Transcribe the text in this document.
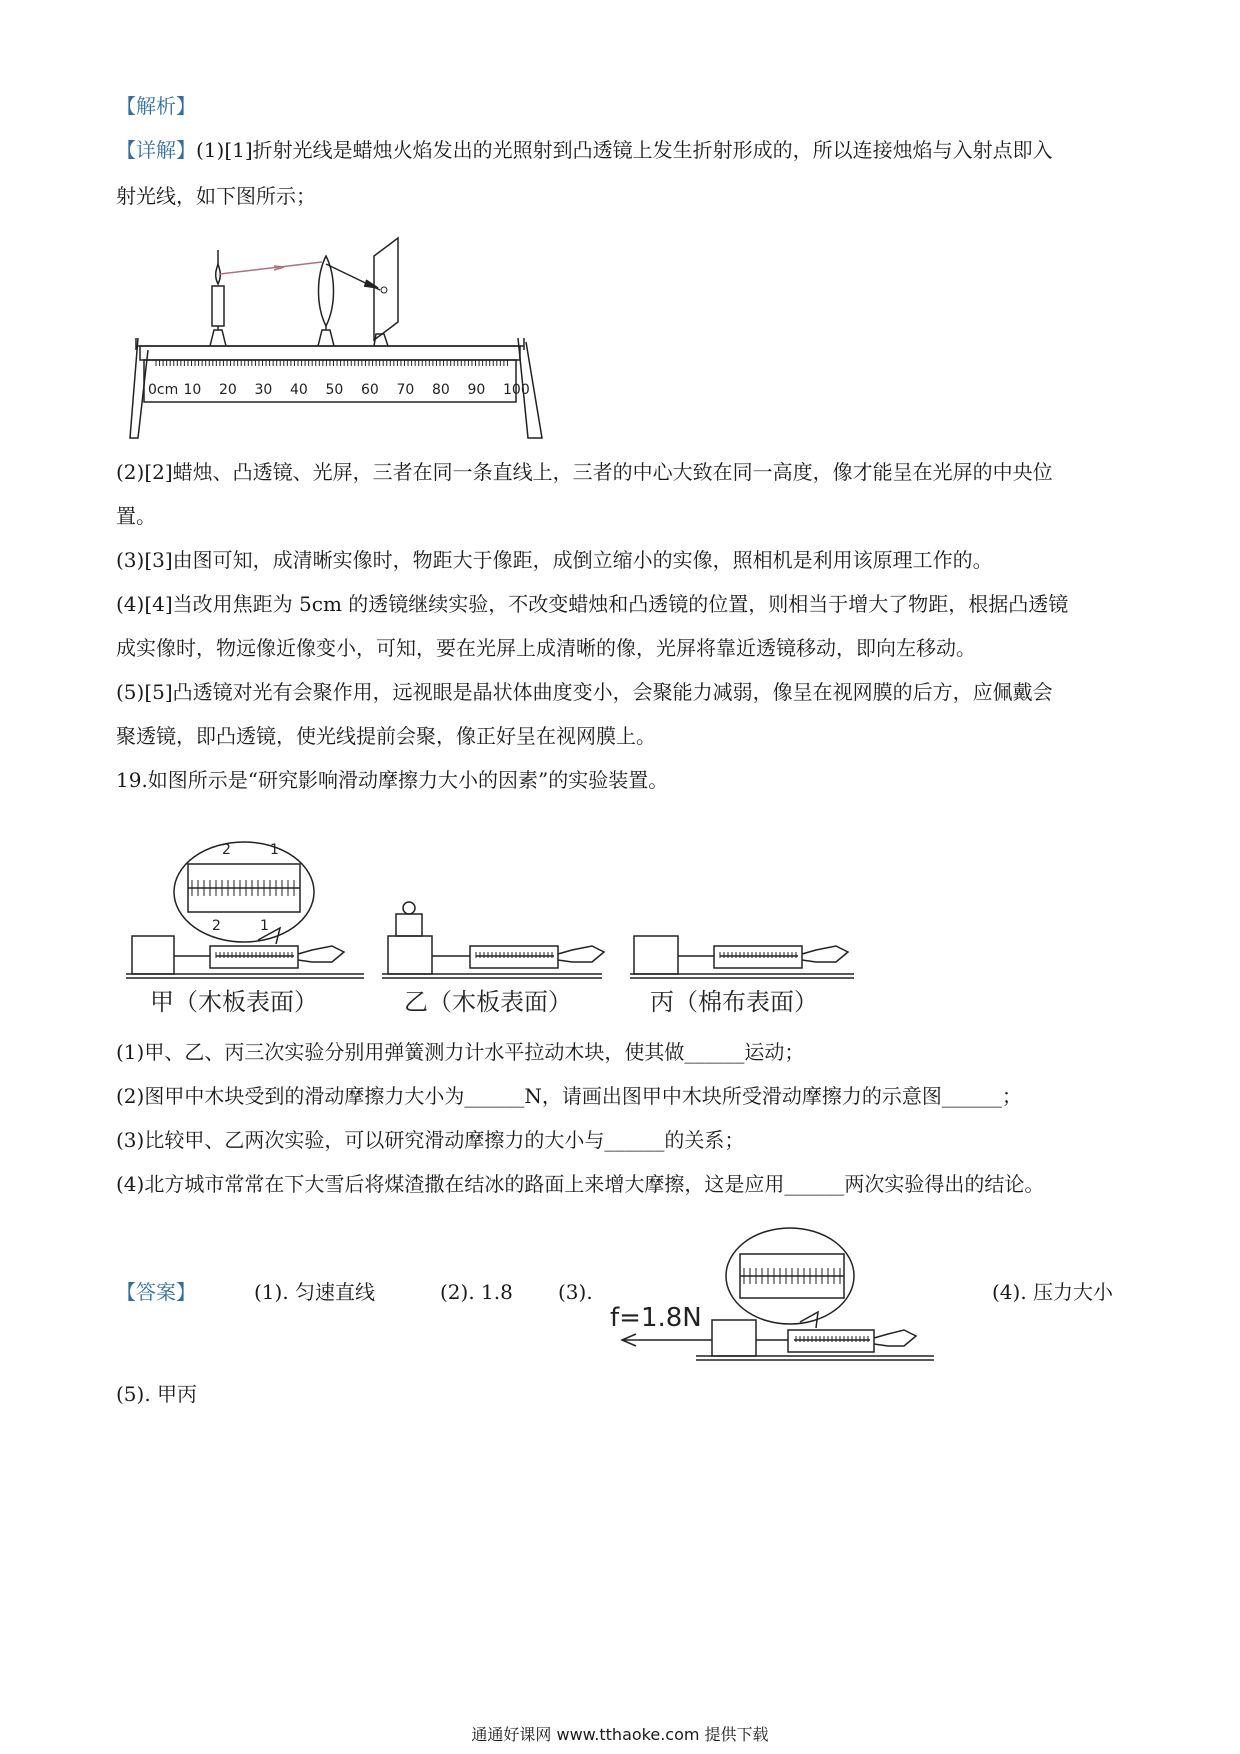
【解析】
【详解】(1)[1]折射光线是蜡烛火焰发出的光照射到凸透镜上发生折射形成的，所以连接烛焰与入射点即入
射光线，如下图所示；
0cm 10 20 30 40 50 60 70 80 90 100
(2)[2]蜡烛、凸透镜、光屏，三者在同一条直线上，三者的中心大致在同一高度，像才能呈在光屏的中央位
置。
(3)[3]由图可知，成清晰实像时，物距大于像距，成倒立缩小的实像，照相机是利用该原理工作的。
(4)[4]当改用焦距为 5cm 的透镜继续实验，不改变蜡烛和凸透镜的位置，则相当于增大了物距，根据凸透镜
成实像时，物远像近像变小，可知，要在光屏上成清晰的像，光屏将靠近透镜移动，即向左移动。
(5)[5]凸透镜对光有会聚作用，远视眼是晶状体曲度变小，会聚能力减弱，像呈在视网膜的后方，应佩戴会
聚透镜，即凸透镜，使光线提前会聚，像正好呈在视网膜上。
19.如图所示是“研究影响滑动摩擦力大小的因素”的实验装置。
2	1
2	1
甲（木板表面）	乙（木板表面）	丙（棉布表面）
(1)甲、乙、丙三次实验分别用弹簧测力计水平拉动木块，使其做______运动；
(2)图甲中木块受到的滑动摩擦力大小为______N，请画出图甲中木块所受滑动摩擦力的示意图______；
(3)比较甲、乙两次实验，可以研究滑动摩擦力的大小与______的关系；
(4)北方城市常常在下大雪后将煤渣撒在结冰的路面上来增大摩擦，这是应用______两次实验得出的结论。
【答案】	(1). 匀速直线	(2). 1.8 (3).	(4). 压力大小
(5). 甲丙
f=1.8N
通通好课网 www.tthaoke.com 提供下载
